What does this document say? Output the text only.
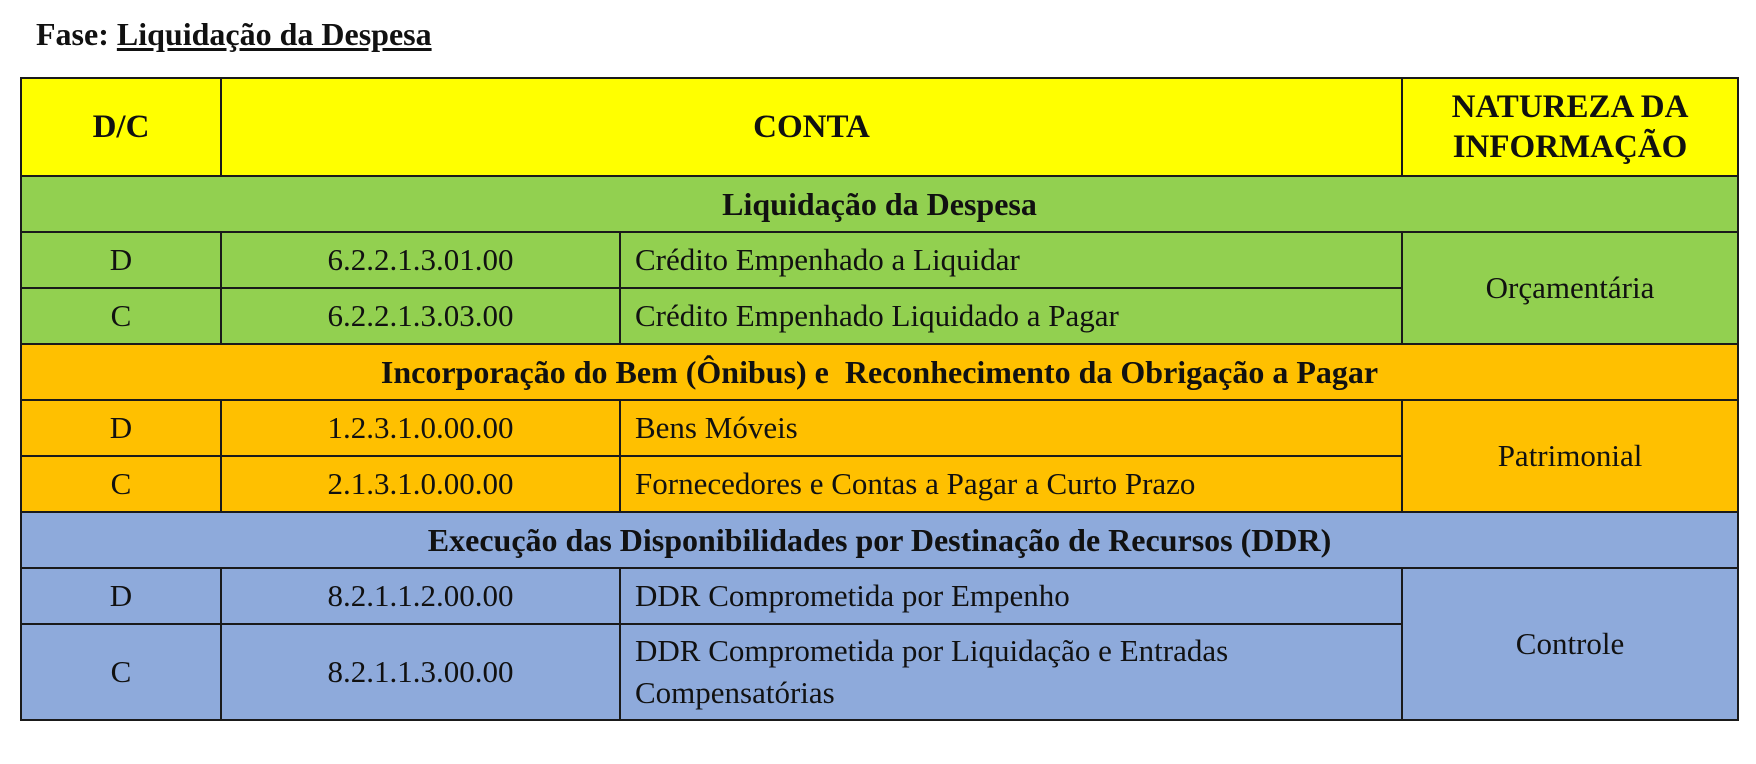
Fase: Liquidação da Despesa
D/C	CONTA		NATUREZA DA
INFORMAÇÃO
Liquidação da Despesa			
D	6.2.2.1.3.01.00	Crédito Empenhado a Liquidar	Orçamentária
C	6.2.2.1.3.03.00	Crédito Empenhado Liquidado a Pagar	
Incorporação do Bem (Ônibus) e  Reconhecimento da Obrigação a Pagar			
D	1.2.3.1.0.00.00	Bens Móveis	Patrimonial
C	2.1.3.1.0.00.00	Fornecedores e Contas a Pagar a Curto Prazo	
Execução das Disponibilidades por Destinação de Recursos (DDR)			
D	8.2.1.1.2.00.00	DDR Comprometida por Empenho	Controle
C	8.2.1.1.3.00.00	DDR Comprometida por Liquidação e Entradas Compensatórias	
